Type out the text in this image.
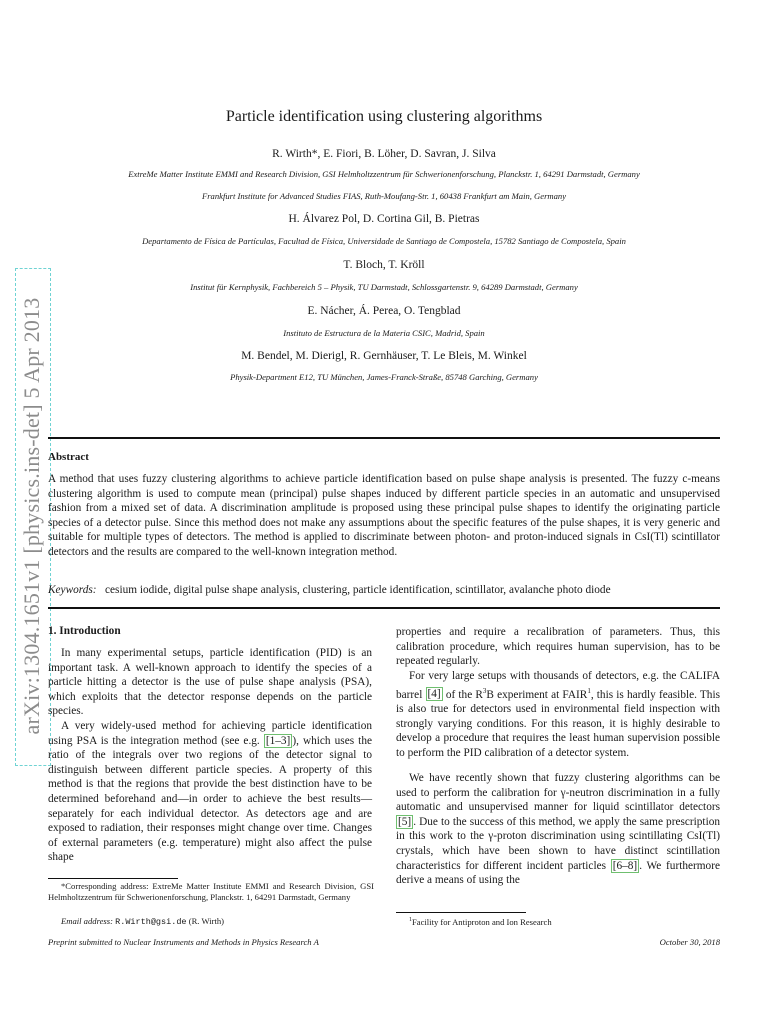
arXiv:1304.1651v1 [physics.ins-det] 5 Apr 2013
Particle identification using clustering algorithms
R. Wirth*, E. Fiori, B. Löher, D. Savran, J. Silva
ExtreMe Matter Institute EMMI and Research Division, GSI Helmholtzzentrum für Schwerionenforschung, Planckstr. 1, 64291 Darmstadt, Germany
Frankfurt Institute for Advanced Studies FIAS, Ruth-Moufang-Str. 1, 60438 Frankfurt am Main, Germany
H. Álvarez Pol, D. Cortina Gil, B. Pietras
Departamento de Física de Partículas, Facultad de Física, Universidade de Santiago de Compostela, 15782 Santiago de Compostela, Spain
T. Bloch, T. Kröll
Institut für Kernphysik, Fachbereich 5 – Physik, TU Darmstadt, Schlossgartenstr. 9, 64289 Darmstadt, Germany
E. Nácher, Á. Perea, O. Tengblad
Instituto de Estructura de la Materia CSIC, Madrid, Spain
M. Bendel, M. Dierigl, R. Gernhäuser, T. Le Bleis, M. Winkel
Physik-Department E12, TU München, James-Franck-Straße, 85748 Garching, Germany
Abstract
A method that uses fuzzy clustering algorithms to achieve particle identification based on pulse shape analysis is presented. The fuzzy c-means clustering algorithm is used to compute mean (principal) pulse shapes induced by different particle species in an automatic and unsupervised fashion from a mixed set of data. A discrimination amplitude is proposed using these principal pulse shapes to identify the originating particle species of a detector pulse. Since this method does not make any assumptions about the specific features of the pulse shapes, it is very generic and suitable for multiple types of detectors. The method is applied to discriminate between photon- and proton-induced signals in CsI(Tl) scintillator detectors and the results are compared to the well-known integration method.
Keywords: cesium iodide, digital pulse shape analysis, clustering, particle identification, scintillator, avalanche photo diode
1. Introduction
In many experimental setups, particle identification (PID) is an important task. A well-known approach to identify the species of a particle hitting a detector is the use of pulse shape analysis (PSA), which exploits that the detector response depends on the particle species.
A very widely-used method for achieving particle identification using PSA is the integration method (see e.g. [1–3] ), which uses the ratio of the integrals over two regions of the detector signal to distinguish between different particle species. A property of this method is that the regions that provide the best distinction have to be determined beforehand and—in order to achieve the best results—separately for each individual detector. As detectors age and are exposed to radiation, their responses might change over time. Changes of external parameters (e.g. temperature) might also affect the pulse shape
*Corresponding address: ExtreMe Matter Institute EMMI and Research Division, GSI Helmholtzzentrum für Schwerionenforschung, Planckstr. 1, 64291 Darmstadt, Germany
Email address: R.Wirth@gsi.de (R. Wirth)
properties and require a recalibration of parameters. Thus, this calibration procedure, which requires human supervision, has to be repeated regularly.
For very large setups with thousands of detectors, e.g. the CALIFA barrel [4] of the $R^3B$ experiment at FAIR$^1$, this is hardly feasible. This is also true for detectors used in environmental field inspection with strongly varying conditions. For this reason, it is highly desirable to develop a procedure that requires the least human supervision possible to perform the PID calibration of a detector system.
We have recently shown that fuzzy clustering algorithms can be used to perform the calibration for γ-neutron discrimination in a fully automatic and unsupervised manner for liquid scintillator detectors [5] . Due to the success of this method, we apply the same prescription in this work to the γ-proton discrimination using scintillating CsI(Tl) crystals, which have been shown to have distinct scintillation characteristics for different incident particles [6–8] . We furthermore derive a means of using the
$^1$Facility for Antiproton and Ion Research
Preprint submitted to Nuclear Instruments and Methods in Physics Research A	October 30, 2018
